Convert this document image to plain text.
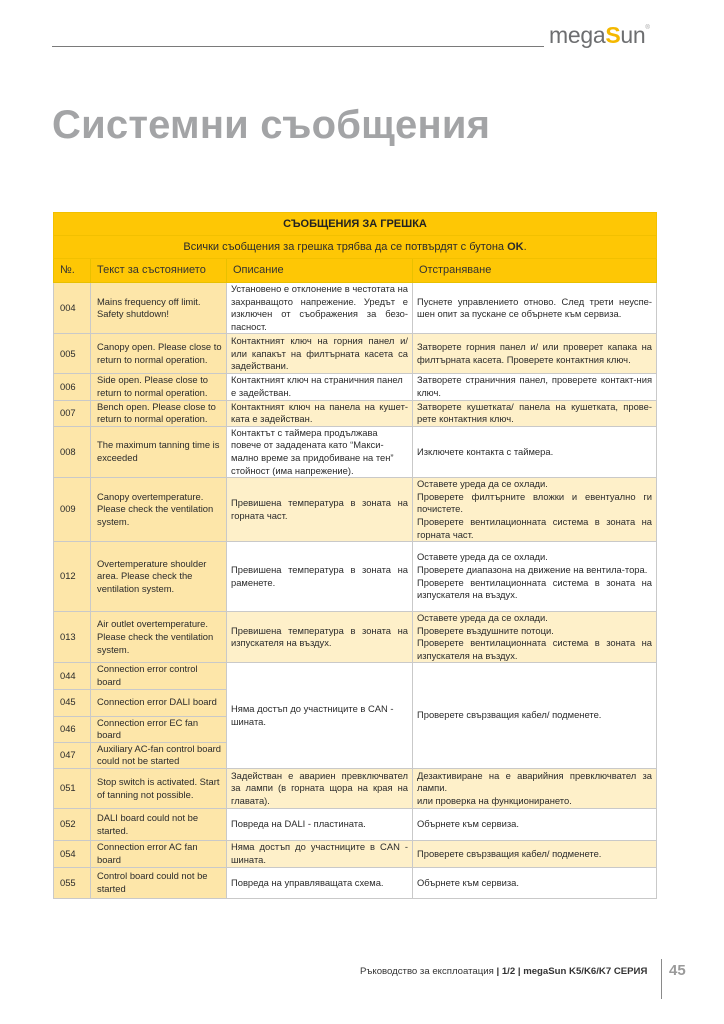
megaSun®
Системни съобщения
СЪОБЩЕНИЯ ЗА ГРЕШКА			
Всички съобщения за грешка трябва да се потвърдят с бутона OK.			
№.	Текст за състоянието	Описание	Отстраняване
004	Mains frequency off limit. Safety shutdown!	Установено е отклонение в честотата на захранващото напрежение. Уредът е изключен от съображения за безо-пасност.	Пуснете управлението отново. След трети неуспе-шен опит за пускане се обърнете към сервиза.
005	Canopy open. Please close to return to normal operation.	Контактният ключ на горния панел и/ или капакът на филтърната касета са задействани.	Затворете горния панел и/ или проверет капака на филтърната касета. Проверете контактния ключ.
006	Side open. Please close to return to normal operation.	Контактният ключ на страничния панел е задействан.	Затворете страничния панел, проверете контакт-ния ключ.
007	Bench open. Please close to return to normal operation.	Контактният ключ на панела на кушет-ката е задействан.	Затворете кушетката/ панела на кушетката, прове-рете контактния ключ.
008	The maximum tanning time is exceeded	Контактът с таймера продължава повече от зададената като “Макси-мално време за придобиване на тен” стойност (има напрежение).	Изключете контакта с таймера.
009	Canopy overtemperature. Please check the ventilation system.	Превишена температура в зоната на горната част.	Оставете уреда да се охлади.
Проверете филтърните вложки и евентуално ги почистете.
Проверете вентилационната система в зоната на горната част.

012	Overtemperature shoulder area. Please check the ventilation system.	Превишена температура в зоната на раменете.	Оставете уреда да се охлади.
Проверете диапазона на движение на вентила-тора.
Проверете вентилационната система в зоната на изпускателя на въздух.

013	Air outlet overtemperature. Please check the ventilation system.	Превишена температура в зоната на изпускателя на въздух.	Оставете уреда да се охлади.
Проверете въздушните потоци.
Проверете вентилационната система в зоната на изпускателя на въздух.

044	Connection error control board	Няма достъп до участниците в CAN - шината.	Проверете свързващия кабел/ подменете.
045	Connection error DALI board		
046	Connection error EC fan board		
047	Auxiliary AC-fan control board could not be started		
051	Stop switch is activated. Start of tanning not possible.	Задействан е авариен превключвател за лампи (в горната щора на края на главата).	Дезактивиране на е аварийния превключвател за лампи.
или проверка на функционирането.

052	DALI board could not be started.	Повреда на DALI - пластината.	Обърнете към сервиза.
054	Connection error AC fan board	Няма достъп до участниците в CAN - шината.	Проверете свързващия кабел/ подменете.
055	Control board could not be started	Повреда на управляващата схема.	Обърнете към сервиза.
Ръководство за експлоатация | 1/2 | megaSun K5/K6/K7 СЕРИЯ 45
